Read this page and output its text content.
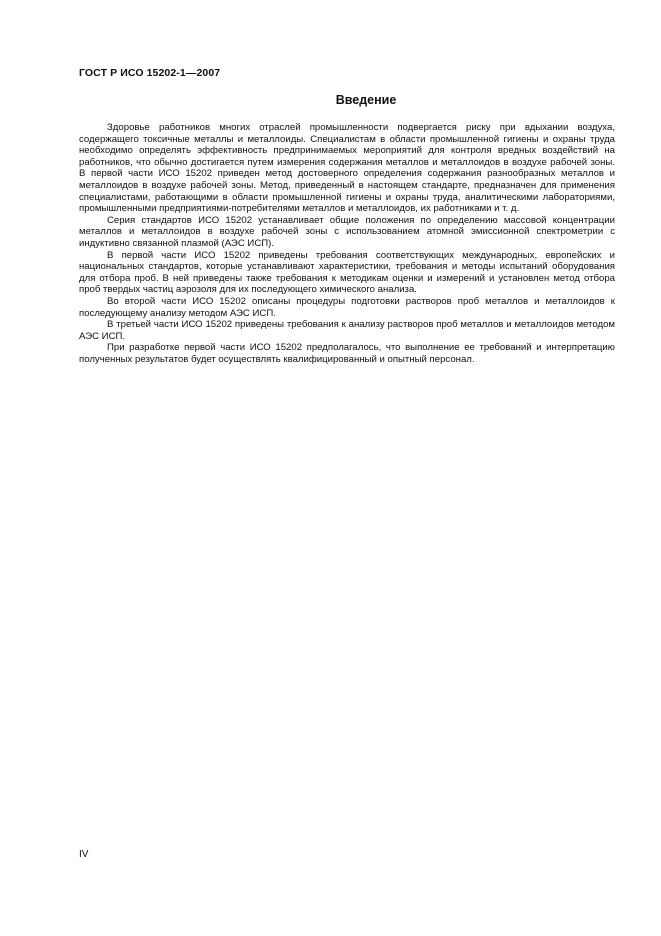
ГОСТ Р ИСО 15202-1—2007
Введение

Здоровье работников многих отраслей промышленности подвергается риску при вдыхании воздуха, содержащего токсичные металлы и металлоиды. Специалистам в области промышленной гигиены и охраны труда необходимо определять эффективность предпринимаемых мероприятий для контроля вредных воздействий на работников, что обычно достигается путем измерения содержания металлов и металлоидов в воздухе рабочей зоны. В первой части ИСО 15202 приведен метод достоверного определения содержания разнообразных металлов и металлоидов в воздухе рабочей зоны. Метод, приведенный в настоящем стандарте, предназначен для применения специалистами, работающими в области промышленной гигиены и охраны труда, аналитическими лабораториями, промышленными предприятиями-потребителями металлов и металлоидов, их работниками и т. д.

Серия стандартов ИСО 15202 устанавливает общие положения по определению массовой концентрации металлов и металлоидов в воздухе рабочей зоны с использованием атомной эмиссионной спектрометрии с индуктивно связанной плазмой (АЭС ИСП).

В первой части ИСО 15202 приведены требования соответствующих международных, европейских и национальных стандартов, которые устанавливают характеристики, требования и методы испытаний оборудования для отбора проб. В ней приведены также требования к методикам оценки и измерений и установлен метод отбора проб твердых частиц аэрозоля для их последующего химического анализа.

Во второй части ИСО 15202 описаны процедуры подготовки растворов проб металлов и металлоидов к последующему анализу методом АЭС ИСП.

В третьей части ИСО 15202 приведены требования к анализу растворов проб металлов и металлоидов методом АЭС ИСП.

При разработке первой части ИСО 15202 предполагалось, что выполнение ее требований и интерпретацию полученных результатов будет осуществлять квалифицированный и опытный персонал.

IV
